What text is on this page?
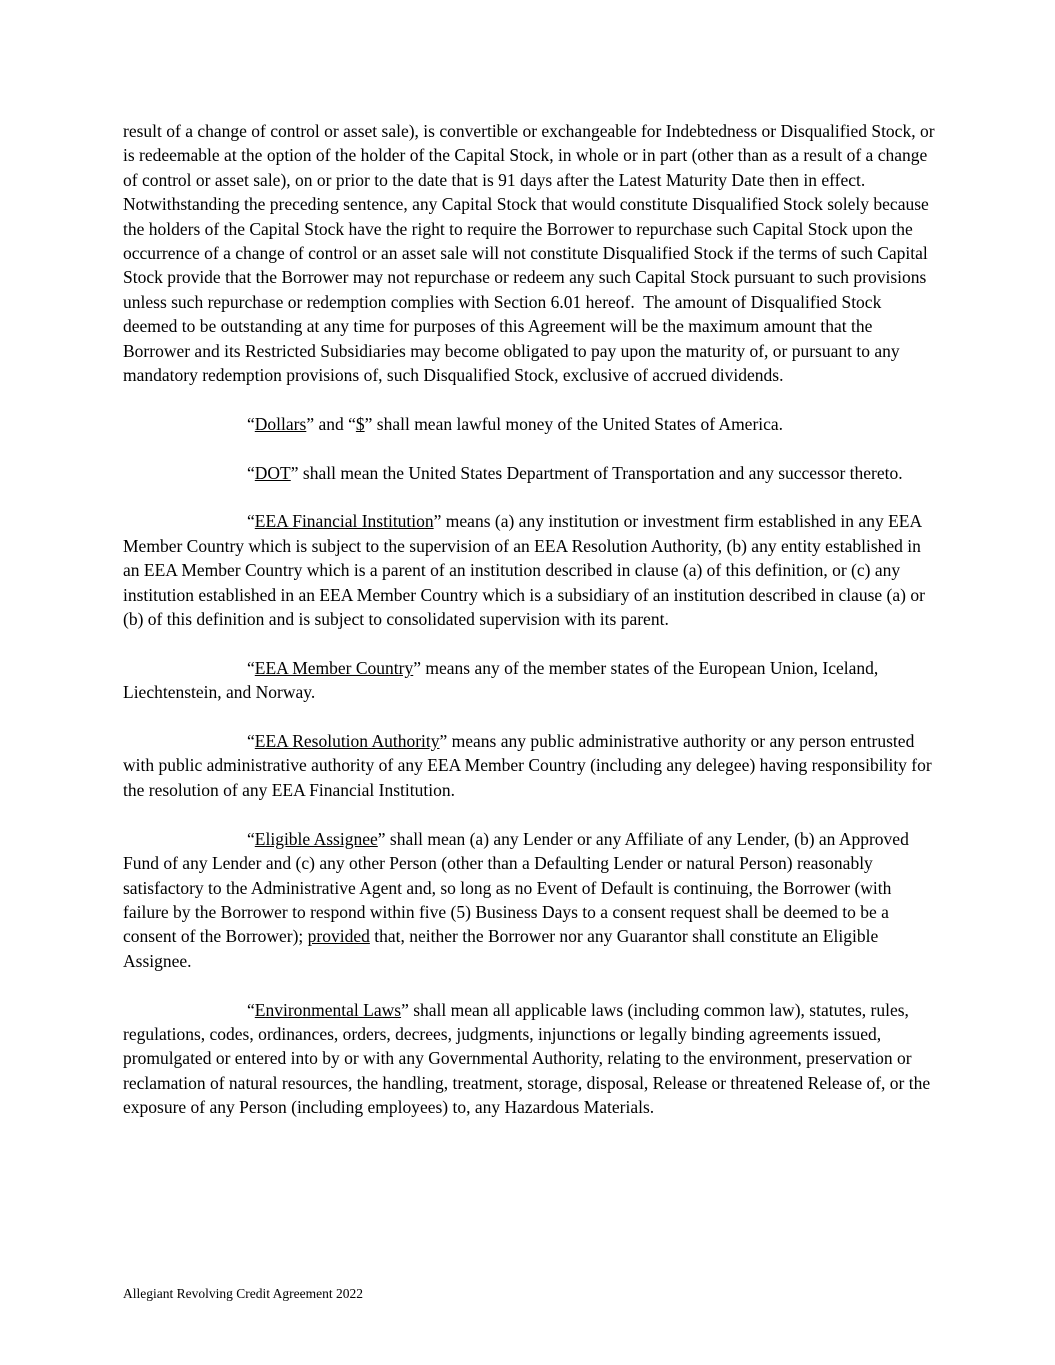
result of a change of control or asset sale), is convertible or exchangeable for Indebtedness or Disqualified Stock, or is redeemable at the option of the holder of the Capital Stock, in whole or in part (other than as a result of a change of control or asset sale), on or prior to the date that is 91 days after the Latest Maturity Date then in effect.  Notwithstanding the preceding sentence, any Capital Stock that would constitute Disqualified Stock solely because the holders of the Capital Stock have the right to require the Borrower to repurchase such Capital Stock upon the occurrence of a change of control or an asset sale will not constitute Disqualified Stock if the terms of such Capital Stock provide that the Borrower may not repurchase or redeem any such Capital Stock pursuant to such provisions unless such repurchase or redemption complies with Section 6.01 hereof.  The amount of Disqualified Stock deemed to be outstanding at any time for purposes of this Agreement will be the maximum amount that the Borrower and its Restricted Subsidiaries may become obligated to pay upon the maturity of, or pursuant to any mandatory redemption provisions of, such Disqualified Stock, exclusive of accrued dividends.

“Dollars” and “$” shall mean lawful money of the United States of America.

“DOT” shall mean the United States Department of Transportation and any successor thereto.

“EEA Financial Institution” means (a) any institution or investment firm established in any EEA Member Country which is subject to the supervision of an EEA Resolution Authority, (b) any entity established in an EEA Member Country which is a parent of an institution described in clause (a) of this definition, or (c) any institution established in an EEA Member Country which is a subsidiary of an institution described in clause (a) or (b) of this definition and is subject to consolidated supervision with its parent.

“EEA Member Country” means any of the member states of the European Union, Iceland, Liechtenstein, and Norway.

“EEA Resolution Authority” means any public administrative authority or any person entrusted with public administrative authority of any EEA Member Country (including any delegee) having responsibility for the resolution of any EEA Financial Institution.

“Eligible Assignee” shall mean (a) any Lender or any Affiliate of any Lender, (b) an Approved Fund of any Lender and (c) any other Person (other than a Defaulting Lender or natural Person) reasonably satisfactory to the Administrative Agent and, so long as no Event of Default is continuing, the Borrower (with failure by the Borrower to respond within five (5) Business Days to a consent request shall be deemed to be a consent of the Borrower); provided that, neither the Borrower nor any Guarantor shall constitute an Eligible Assignee.

“Environmental Laws” shall mean all applicable laws (including common law), statutes, rules, regulations, codes, ordinances, orders, decrees, judgments, injunctions or legally binding agreements issued, promulgated or entered into by or with any Governmental Authority, relating to the environment, preservation or reclamation of natural resources, the handling, treatment, storage, disposal, Release or threatened Release of, or the exposure of any Person (including employees) to, any Hazardous Materials.

Allegiant Revolving Credit Agreement 2022
